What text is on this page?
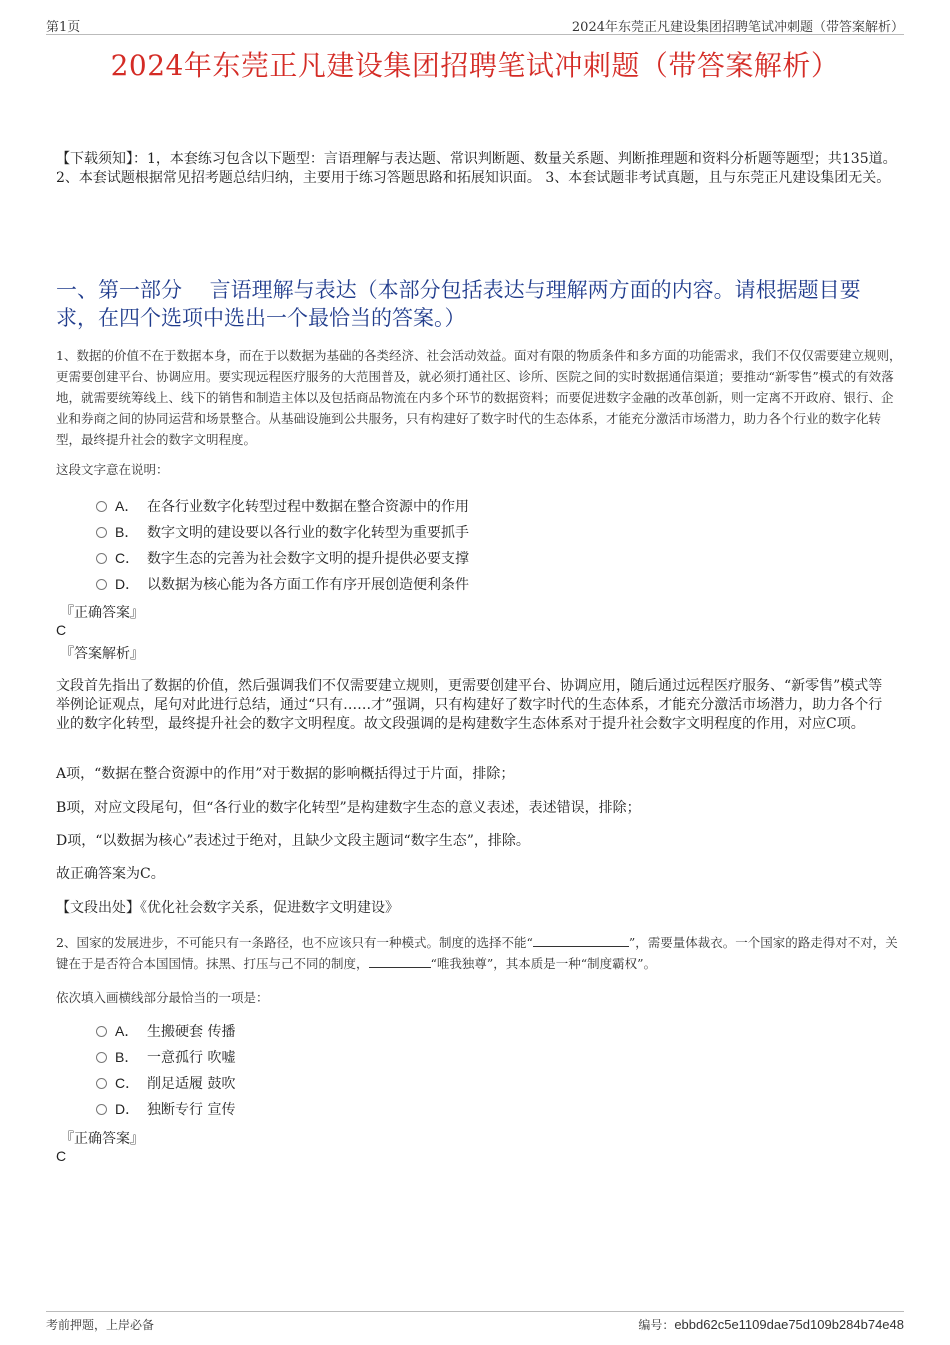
第1页	2024年东莞正凡建设集团招聘笔试冲刺题（带答案解析）
2024年东莞正凡建设集团招聘笔试冲刺题（带答案解析）
【下载须知】：1，本套练习包含以下题型：言语理解与表达题、常识判断题、数量关系题、判断推理题和资料分析题等题型；共135道。 2、本套试题根据常见招考题总结归纳，主要用于练习答题思路和拓展知识面。 3、本套试题非考试真题，且与东莞正凡建设集团无关。
一、第一部分　 言语理解与表达（本部分包括表达与理解两方面的内容。请根据题目要求，在四个选项中选出一个最恰当的答案。）
1、数据的价值不在于数据本身，而在于以数据为基础的各类经济、社会活动效益。面对有限的物质条件和多方面的功能需求，我们不仅仅需要建立规则，更需要创建平台、协调应用。要实现远程医疗服务的大范围普及，就必须打通社区、诊所、医院之间的实时数据通信渠道；要推动“新零售”模式的有效落地，就需要统筹线上、线下的销售和制造主体以及包括商品物流在内多个环节的数据资料；而要促进数字金融的改革创新，则一定离不开政府、银行、企业和券商之间的协同运营和场景整合。从基础设施到公共服务，只有构建好了数字时代的生态体系，才能充分激活市场潜力，助力各个行业的数字化转型，最终提升社会的数字文明程度。
这段文字意在说明：
A． 在各行业数字化转型过程中数据在整合资源中的作用
B． 数字文明的建设要以各行业的数字化转型为重要抓手
C． 数字生态的完善为社会数字文明的提升提供必要支撑
D． 以数据为核心能为各方面工作有序开展创造便利条件
『正确答案』
C
『答案解析』
文段首先指出了数据的价值，然后强调我们不仅需要建立规则，更需要创建平台、协调应用，随后通过远程医疗服务、“新零售”模式等举例论证观点，尾句对此进行总结，通过“只有……才”强调，只有构建好了数字时代的生态体系，才能充分激活市场潜力，助力各个行业的数字化转型，最终提升社会的数字文明程度。故文段强调的是构建数字生态体系对于提升社会数字文明程度的作用，对应C项。
A项，“数据在整合资源中的作用”对于数据的影响概括得过于片面，排除；
B项，对应文段尾句，但“各行业的数字化转型”是构建数字生态的意义表述，表述错误，排除；
D项，“以数据为核心”表述过于绝对，且缺少文段主题词“数字生态”，排除。
故正确答案为C。
【文段出处】《优化社会数字关系，促进数字文明建设》
2、国家的发展进步，不可能只有一条路径，也不应该只有一种模式。制度的选择不能“	”，需要量体裁衣。一个国家的路走得对不对，关键在于是否符合本国国情。抹黑、打压与己不同的制度，	“唯我独尊”，其本质是一种“制度霸权”。
依次填入画横线部分最恰当的一项是：
A． 生搬硬套 传播
B． 一意孤行 吹嘘
C． 削足适履 鼓吹
D． 独断专行 宣传
『正确答案』
C
考前押题，上岸必备	编号：ebbd62c5e1109dae75d109b284b74e48
